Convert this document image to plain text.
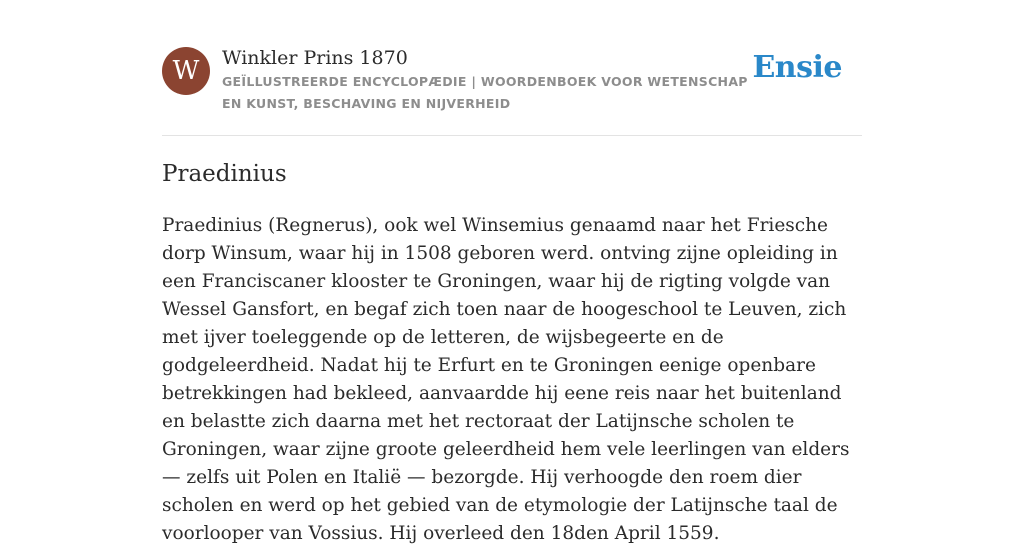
W	Winkler Prins 1870
GEÏLLUSTREERDE ENCYCLOPÆDIE | WOORDENBOEK VOOR WETENSCHAP EN KUNST, BESCHAVING EN NIJVERHEID
Ensie
Praedinius

Praedinius (Regnerus), ook wel Winsemius genaamd naar het Friesche dorp Winsum, waar hij in 1508 geboren werd. ontving zijne opleiding in een Franciscaner klooster te Groningen, waar hij de rigting volgde van Wessel Gansfort, en begaf zich toen naar de hoogeschool te Leuven, zich met ijver toeleggende op de letteren, de wijsbegeerte en de godgeleerdheid. Nadat hij te Erfurt en te Groningen eenige openbare betrekkingen had bekleed, aanvaardde hij eene reis naar het buitenland en belastte zich daarna met het rectoraat der Latijnsche scholen te Groningen, waar zijne groote geleerdheid hem vele leerlingen van elders — zelfs uit Polen en Italië — bezorgde. Hij verhoogde den roem dier scholen en werd op het gebied van de etymologie der Latijnsche taal de voorlooper van Vossius. Hij overleed den 18den April 1559.
